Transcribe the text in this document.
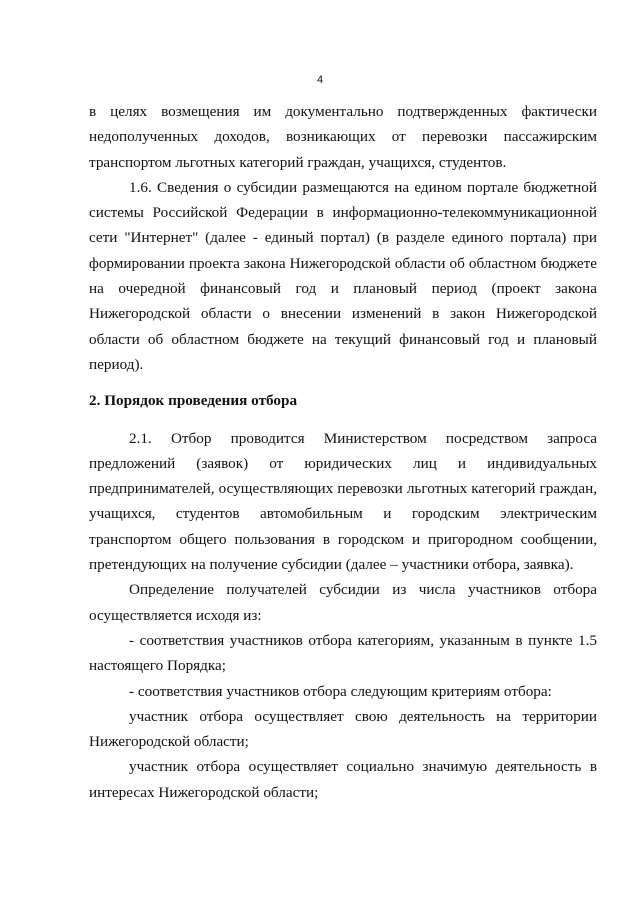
4

в целях возмещения им документально подтвержденных фактически недополученных доходов, возникающих от перевозки пассажирским транспортом льготных категорий граждан, учащихся, студентов.

1.6. Сведения о субсидии размещаются на едином портале бюджетной системы Российской Федерации в информационно-телекоммуникационной сети "Интернет" (далее - единый портал) (в разделе единого портала) при формировании проекта закона Нижегородской области об областном бюджете на очередной финансовый год и плановый период (проект закона Нижегородской области о внесении изменений в закон Нижегородской области об областном бюджете на текущий финансовый год и плановый период).

2. Порядок проведения отбора

2.1. Отбор проводится Министерством посредством запроса предложений (заявок) от юридических лиц и индивидуальных предпринимателей, осуществляющих перевозки льготных категорий граждан, учащихся, студентов автомобильным и городским электрическим транспортом общего пользования в городском и пригородном сообщении, претендующих на получение субсидии (далее – участники отбора, заявка).

Определение получателей субсидии из числа участников отбора осуществляется исходя из:

- соответствия участников отбора категориям, указанным в пункте 1.5 настоящего Порядка;

- соответствия участников отбора следующим критериям отбора:

участник отбора осуществляет свою деятельность на территории Нижегородской области;

участник отбора осуществляет социально значимую деятельность в интересах Нижегородской области;
